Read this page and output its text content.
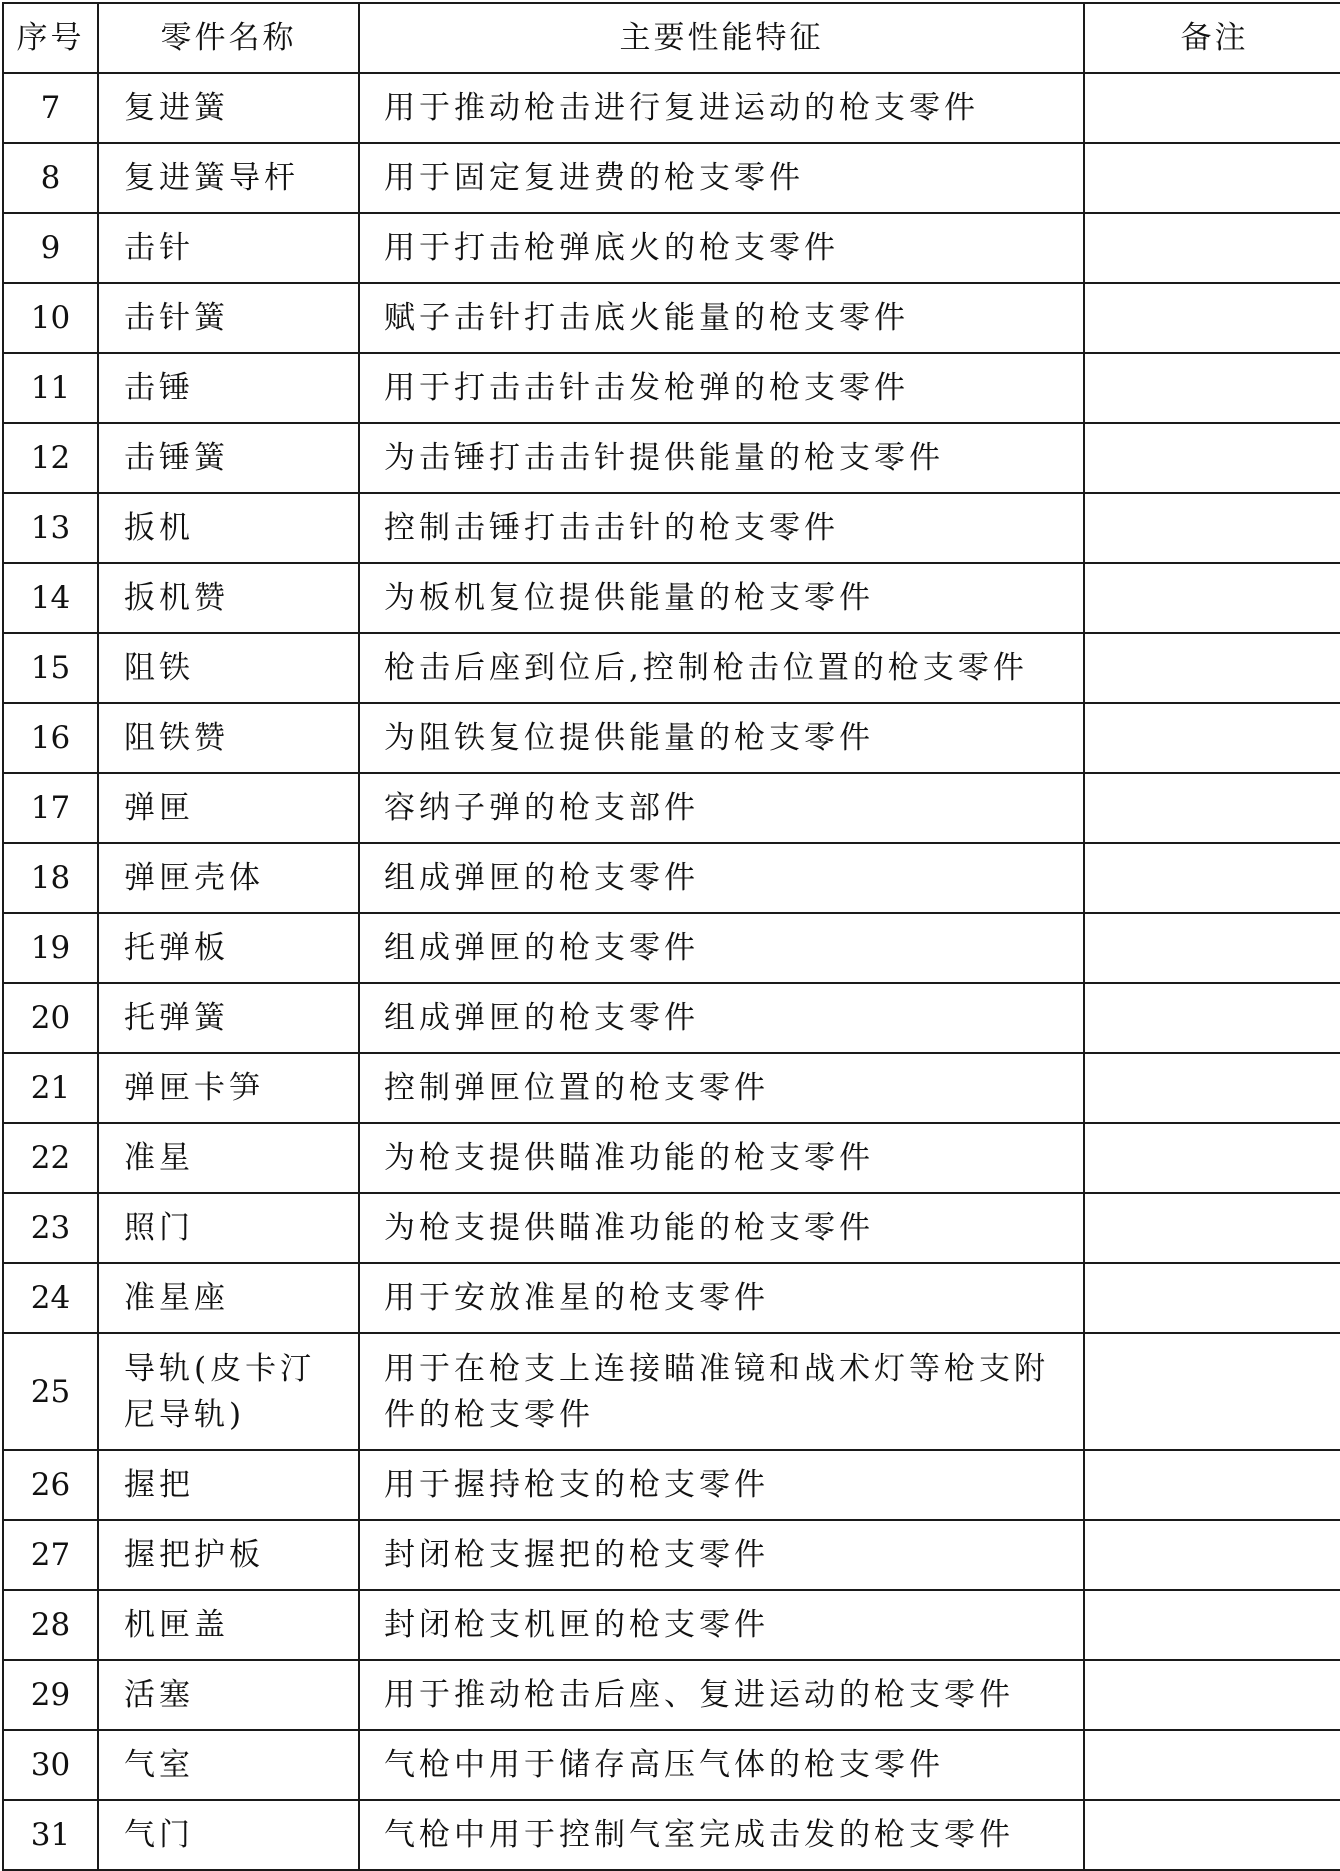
序号	零件名称	主要性能特征	备注
7	复进簧	用于推动枪击进行复进运动的枪支零件	
8	复进簧导杆	用于固定复进费的枪支零件	
9	击针	用于打击枪弹底火的枪支零件	
10	击针簧	赋子击针打击底火能量的枪支零件	
11	击锤	用于打击击针击发枪弹的枪支零件	
12	击锤簧	为击锤打击击针提供能量的枪支零件	
13	扳机	控制击锤打击击针的枪支零件	
14	扳机赞	为板机复位提供能量的枪支零件	
15	阻铁	枪击后座到位后,控制枪击位置的枪支零件	
16	阻铁赞	为阻铁复位提供能量的枪支零件	
17	弹匣	容纳子弹的枪支部件	
18	弹匣壳体	组成弹匣的枪支零件	
19	托弹板	组成弹匣的枪支零件	
20	托弹簧	组成弹匣的枪支零件	
21	弹匣卡笋	控制弹匣位置的枪支零件	
22	准星	为枪支提供瞄准功能的枪支零件	
23	照门	为枪支提供瞄准功能的枪支零件	
24	准星座	用于安放准星的枪支零件	
25	导轨(皮卡汀尼导轨)	用于在枪支上连接瞄准镜和战术灯等枪支附件的枪支零件	

26	握把	用于握持枪支的枪支零件	
27	握把护板	封闭枪支握把的枪支零件	
28	机匣盖	封闭枪支机匣的枪支零件	
29	活塞	用于推动枪击后座、复进运动的枪支零件	
30	气室	气枪中用于储存高压气体的枪支零件	
31	气门	气枪中用于控制气室完成击发的枪支零件	
